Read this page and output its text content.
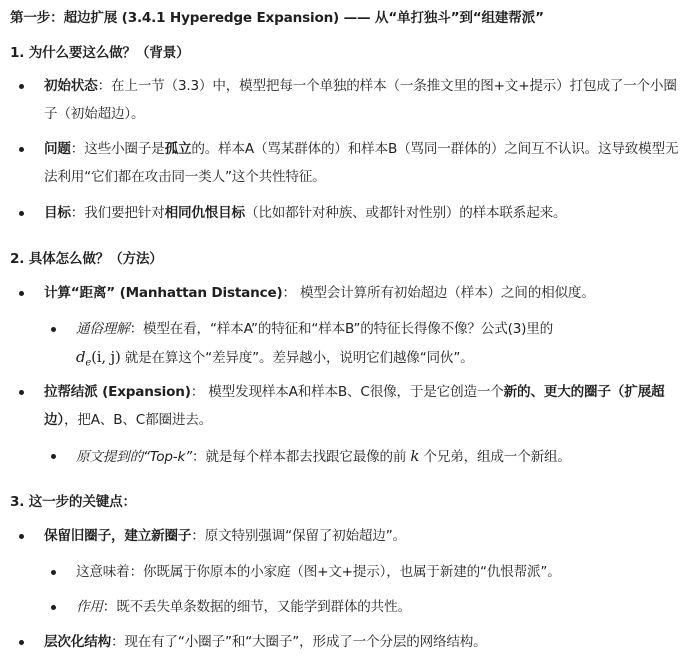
第一步：超边扩展 (3.4.1 Hyperedge Expansion) —— 从“单打独斗”到“组建帮派”
1. 为什么要这么做？（背景）
初始状态：在上一节（3.3）中，模型把每一个单独的样本（一条推文里的图+文+提示）打包成了一个小圈子（初始超边）。
问题：这些小圈子是孤立的。样本A（骂某群体的）和样本B（骂同一群体的）之间互不认识。这导致模型无法利用“它们都在攻击同一类人”这个共性特征。
目标：我们要把针对相同仇恨目标（比如都针对种族、或都针对性别）的样本联系起来。
2. 具体怎么做？（方法）
计算“距离” (Manhattan Distance)： 模型会计算所有初始超边（样本）之间的相似度。
通俗理解：模型在看，“样本A”的特征和“样本B”的特征长得像不像？公式(3)里的
$d_e(i$, j) 就是在算这个“差异度”。差异越小，说明它们越像“同伙”。
拉帮结派 (Expansion)： 模型发现样本A和样本B、C很像，于是它创造一个新的、更大的圈子（扩展超边），把A、B、C都圈进去。
原文提到的“Top-k”：就是每个样本都去找跟它最像的前 k 个兄弟，组成一个新组。
3. 这一步的关键点：
保留旧圈子，建立新圈子：原文特别强调“保留了初始超边”。
这意味着：你既属于你原本的小家庭（图+文+提示），也属于新建的“仇恨帮派”。
作用：既不丢失单条数据的细节，又能学到群体的共性。
层次化结构：现在有了“小圈子”和“大圈子”，形成了一个分层的网络结构。
